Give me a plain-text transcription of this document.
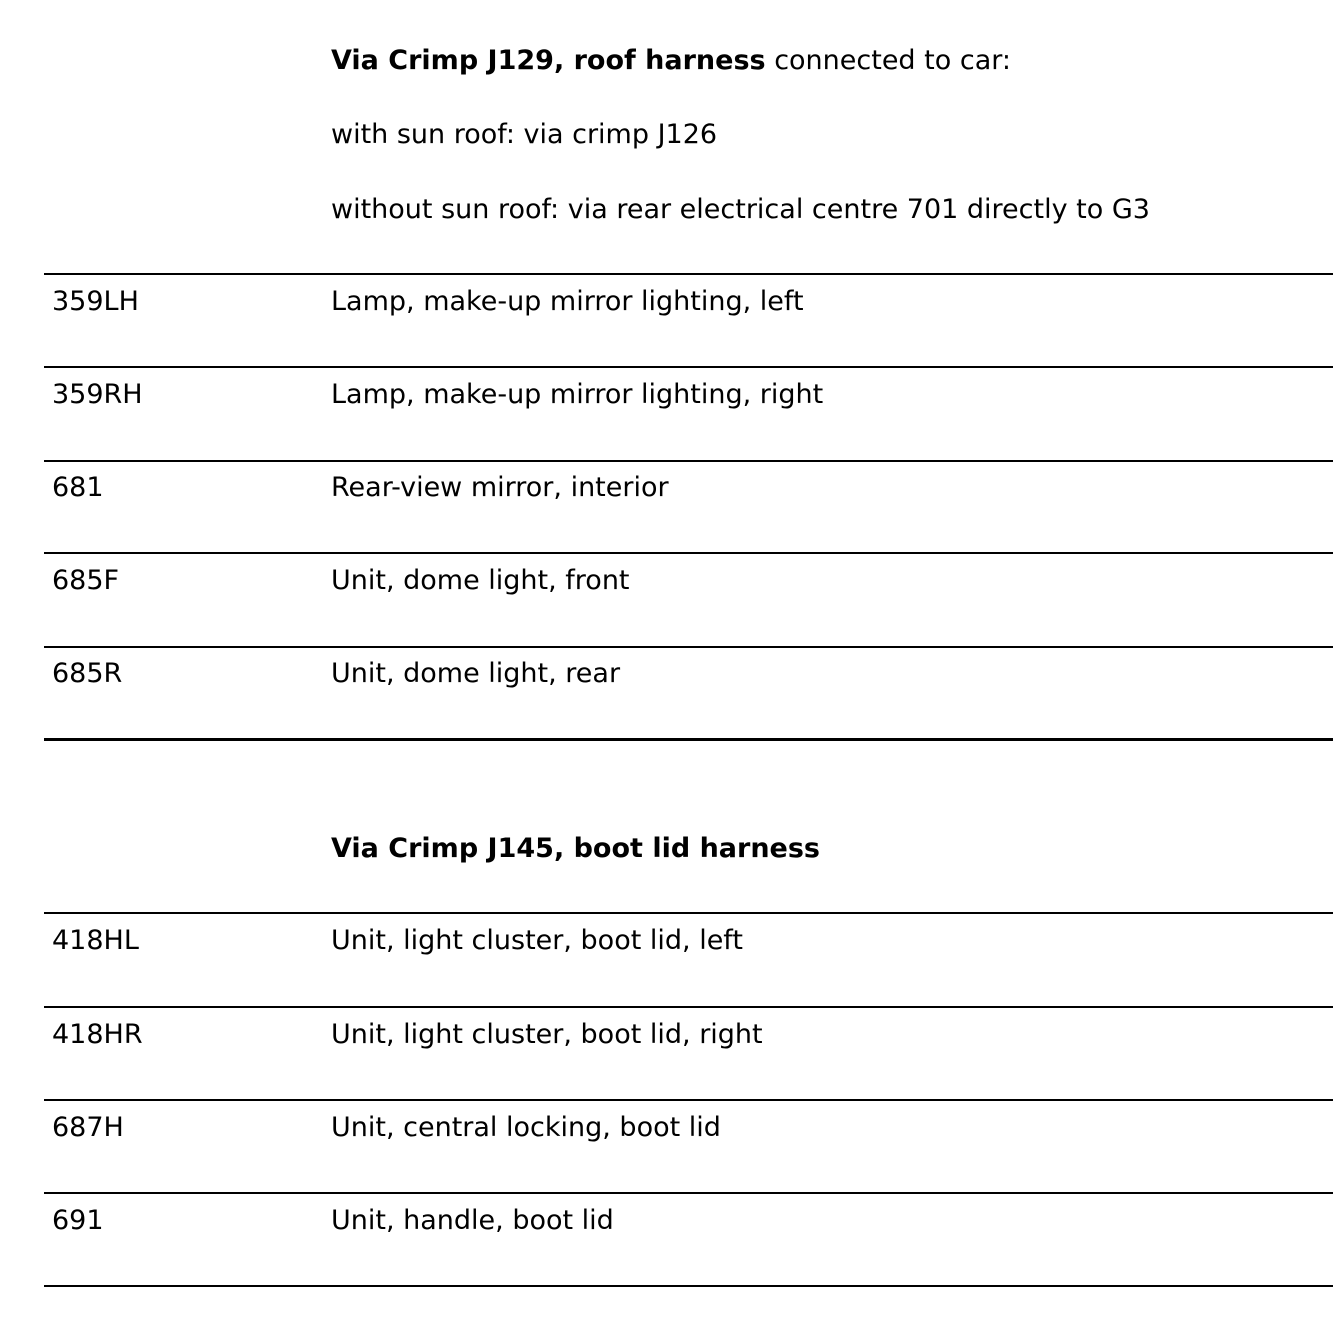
Via Crimp J129, roof harness connected to car:
with sun roof: via crimp J126
without sun roof: via rear electrical centre 701 directly to G3
359LH	Lamp, make-up mirror lighting, left
359RH	Lamp, make-up mirror lighting, right
681	Rear-view mirror, interior
685F	Unit, dome light, front
685R	Unit, dome light, rear
Via Crimp J145, boot lid harness
418HL	Unit, light cluster, boot lid, left
418HR	Unit, light cluster, boot lid, right
687H	Unit, central locking, boot lid
691	Unit, handle, boot lid
